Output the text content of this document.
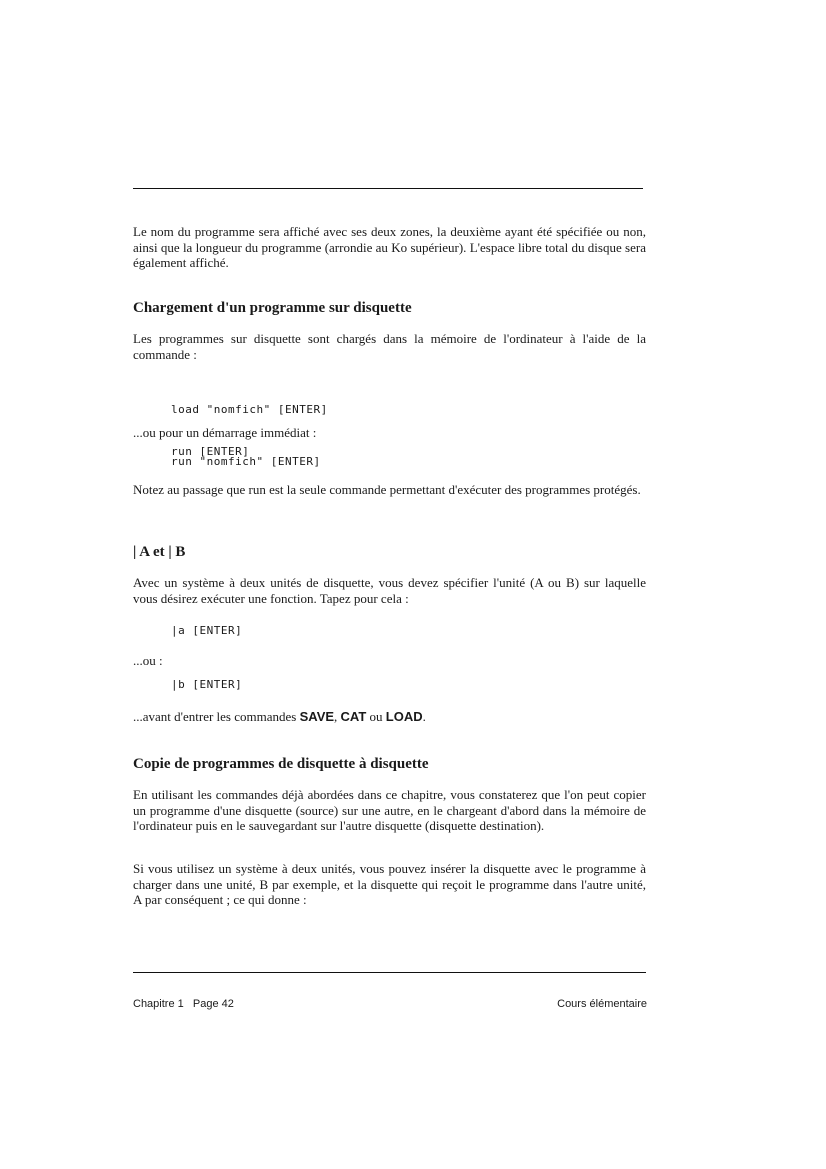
Le nom du programme sera affiché avec ses deux zones, la deuxième ayant été spécifiée ou non, ainsi que la longueur du programme (arrondie au Ko supérieur). L'espace libre total du disque sera également affiché.

Chargement d'un programme sur disquette

Les programmes sur disquette sont chargés dans la mémoire de l'ordinateur à l'aide de la commande :

load "nomfich" [ENTER]

run [ENTER]

...ou pour un démarrage immédiat :

run "nomfich" [ENTER]

Notez au passage que run est la seule commande permettant d'exécuter des programmes protégés.

| A et | B

Avec un système à deux unités de disquette, vous devez spécifier l'unité (A ou B) sur laquelle vous désirez exécuter une fonction. Tapez pour cela :

|a [ENTER]

...ou :

|b [ENTER]

...avant d'entrer les commandes SAVE, CAT ou LOAD.

Copie de programmes de disquette à disquette

En utilisant les commandes déjà abordées dans ce chapitre, vous constaterez que l'on peut copier un programme d'une disquette (source) sur une autre, en le chargeant d'abord dans la mémoire de l'ordinateur puis en le sauvegardant sur l'autre disquette (disquette destination).

Si vous utilisez un système à deux unités, vous pouvez insérer la disquette avec le programme à charger dans une unité, B par exemple, et la disquette qui reçoit le programme dans l'autre unité, A par conséquent ; ce qui donne :

Chapitre 1   Page 42	Cours élémentaire
